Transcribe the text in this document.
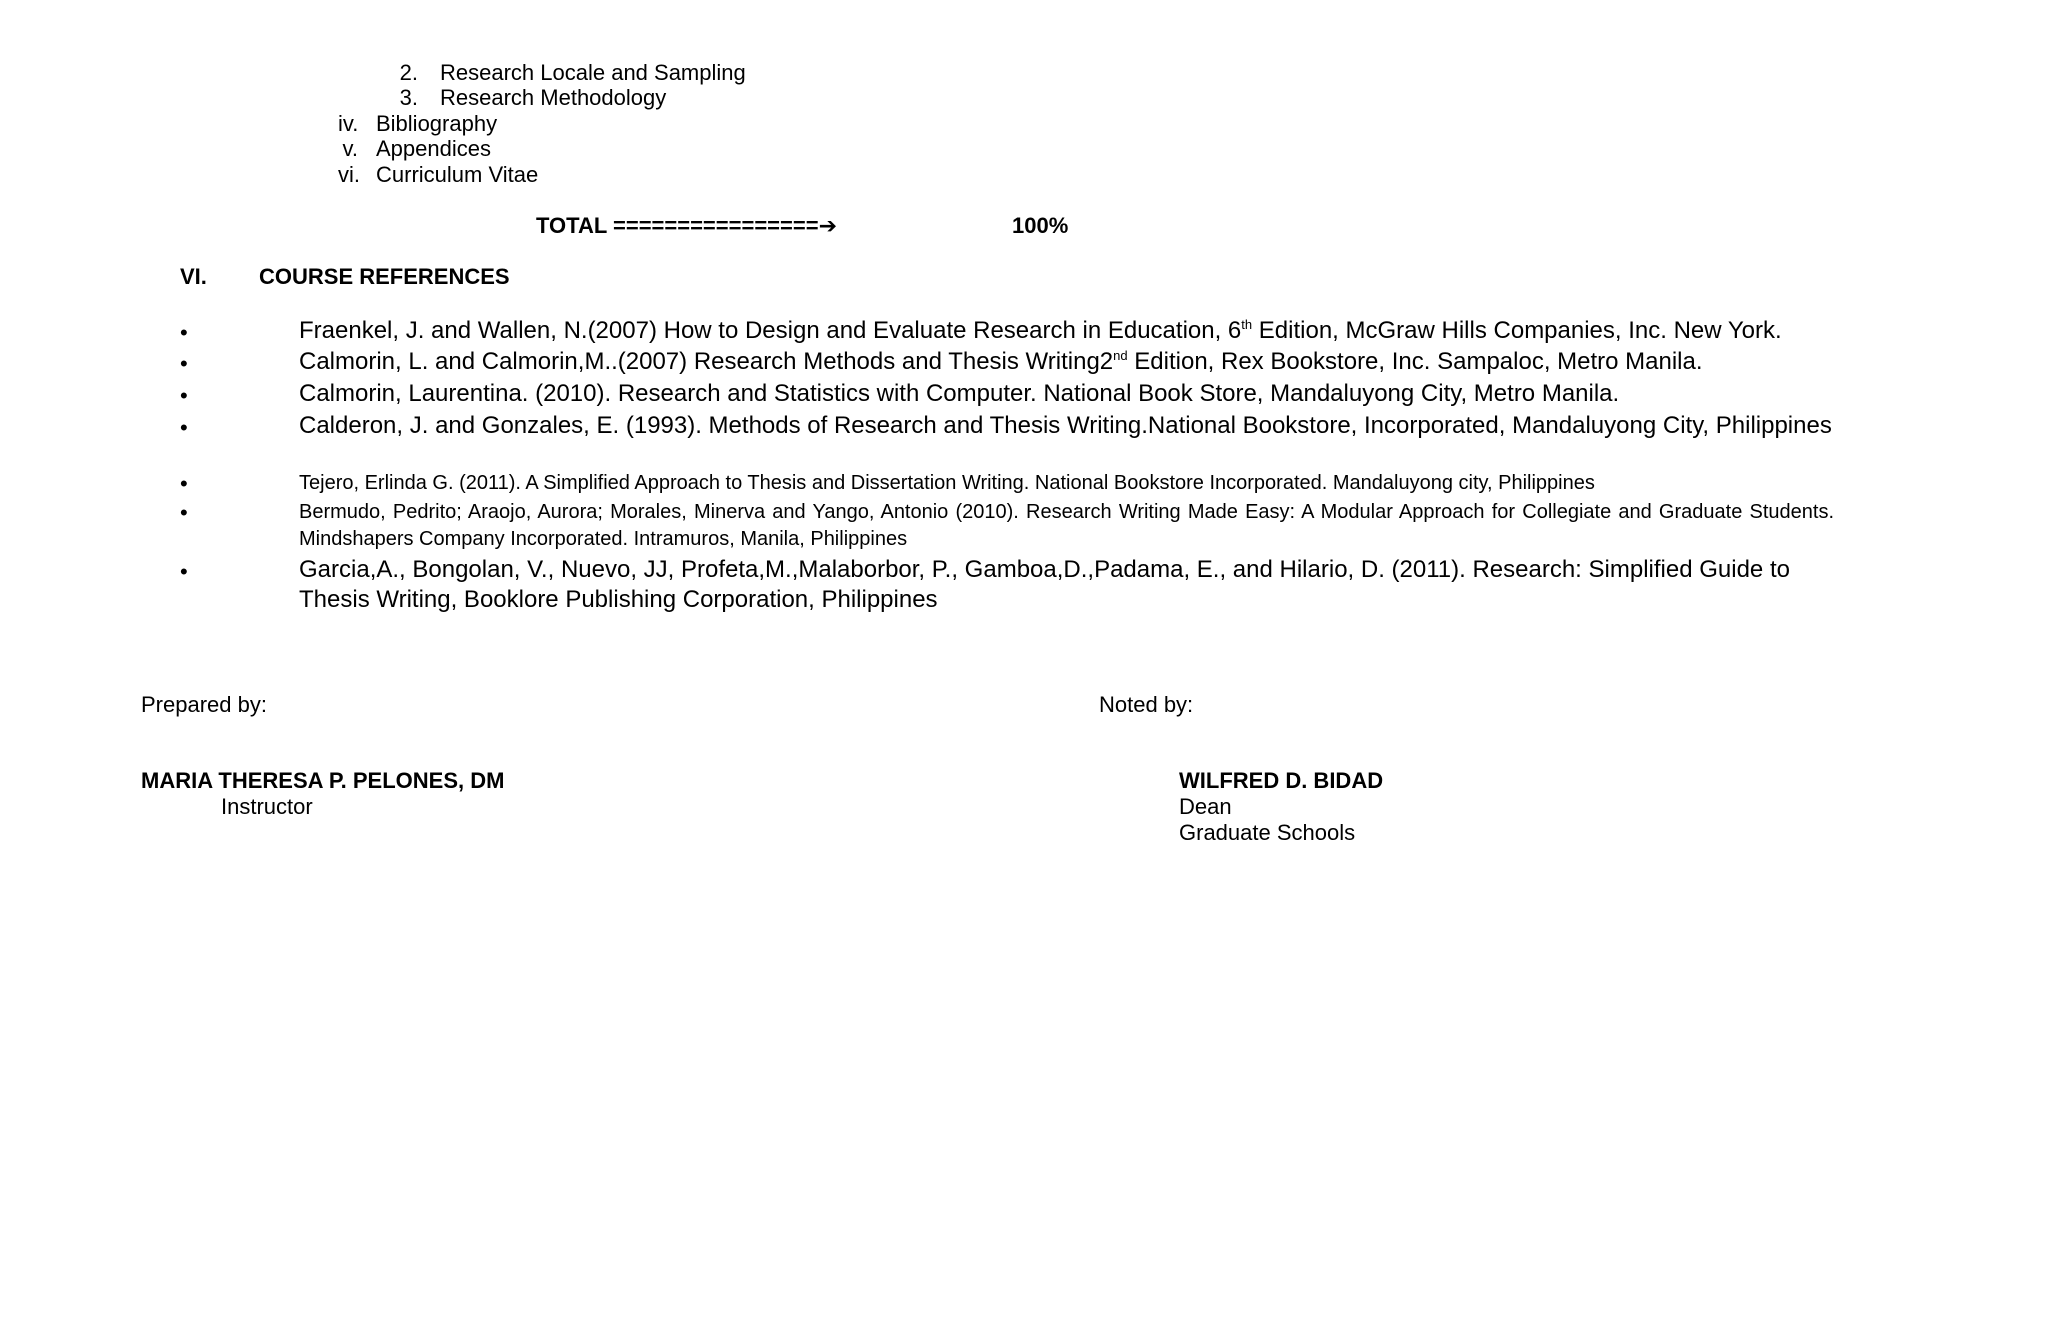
2. Research Locale and Sampling
3. Research Methodology
iv. Bibliography
v. Appendices
vi. Curriculum Vitae
TOTAL ================➔	100%
VI. COURSE REFERENCES
•	Fraenkel, J. and Wallen, N.(2007) How to Design and Evaluate Research in Education, 6th Edition, McGraw Hills Companies, Inc. New York.
•	Calmorin, L. and Calmorin,M..(2007) Research Methods and Thesis Writing2nd Edition, Rex Bookstore, Inc. Sampaloc, Metro Manila.
•	Calmorin, Laurentina. (2010). Research and Statistics with Computer. National Book Store, Mandaluyong City, Metro Manila.
•	Calderon, J. and Gonzales, E. (1993). Methods of Research and Thesis Writing.National Bookstore, Incorporated, Mandaluyong City, Philippines
•	Tejero, Erlinda G. (2011). A Simplified Approach to Thesis and Dissertation Writing. National Bookstore Incorporated. Mandaluyong city, Philippines
•	Bermudo, Pedrito; Araojo, Aurora; Morales, Minerva and Yango, Antonio (2010). Research Writing Made Easy: A Modular Approach for Collegiate and Graduate Students. Mindshapers Company Incorporated. Intramuros, Manila, Philippines
•	Garcia,A., Bongolan, V., Nuevo, JJ, Profeta,M.,Malaborbor, P., Gamboa,D.,Padama, E., and Hilario, D. (2011). Research: Simplified Guide to Thesis Writing, Booklore Publishing Corporation, Philippines
Prepared by:
MARIA THERESA P. PELONES, DM
Instructor
Noted by:
WILFRED D. BIDAD
Dean
Graduate Schools
